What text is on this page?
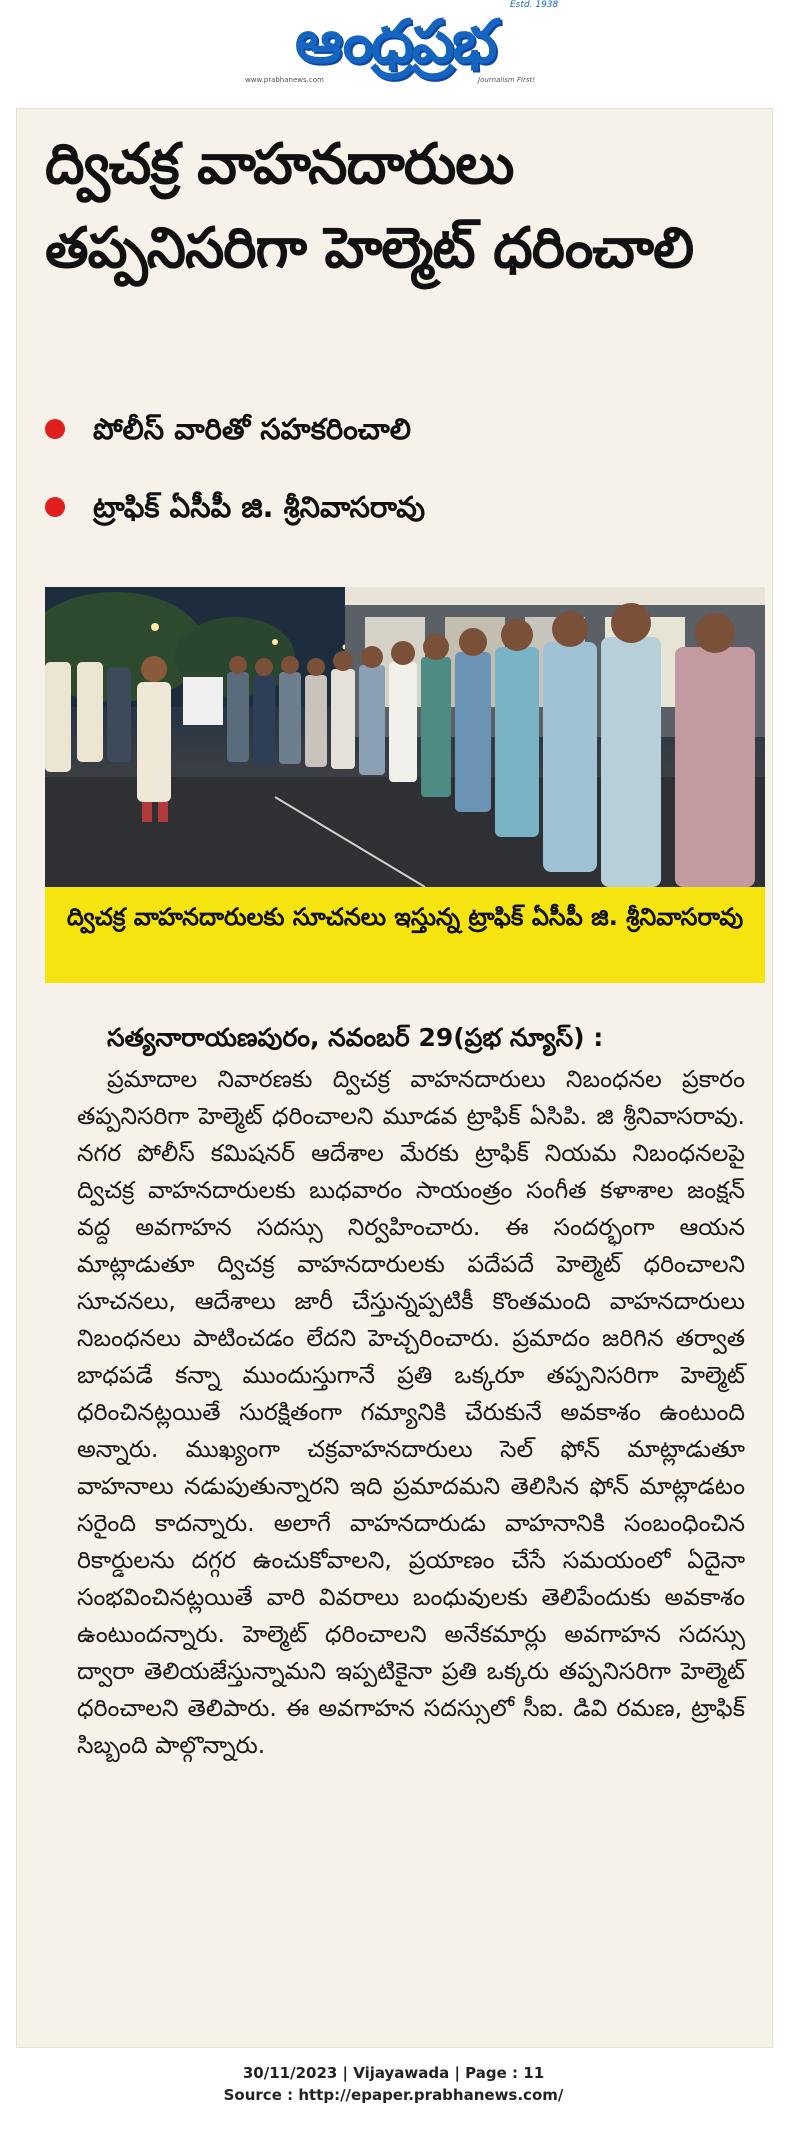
ఆంధ్రప్రభ
Estd. 1938
www.prabhanews.com	Journalism First!
ద్విచక్ర వాహనదారులు తప్పనిసరిగా హెల్మెట్ ధరించాలి
పోలీస్ వారితో సహకరించాలి
ట్రాఫిక్ ఏసీపీ జి. శ్రీనివాసరావు
ద్విచక్ర వాహనదారులకు సూచనలు ఇస్తున్న ట్రాఫిక్ ఏసీపీ జి. శ్రీనివాసరావు
సత్యనారాయణపురం, నవంబర్ 29(ప్రభ న్యూస్) :

ప్రమాదాల నివారణకు ద్విచక్ర వాహనదారులు నిబంధనల ప్రకారం తప్పనిసరిగా హెల్మెట్ ధరించాలని మూడవ ట్రాఫిక్ ఏసిపి. జి శ్రీనివాసరావు. నగర పోలీస్ కమిషనర్ ఆదేశాల మేరకు ట్రాఫిక్ నియమ నిబంధనలపై ద్విచక్ర వాహనదారులకు బుధవారం సాయంత్రం సంగీత కళాశాల జంక్షన్ వద్ద అవగాహన సదస్సు నిర్వహించారు. ఈ సందర్భంగా ఆయన మాట్లాడుతూ ద్విచక్ర వాహనదారులకు పదేపదే హెల్మెట్ ధరించాలని సూచనలు, ఆదేశాలు జారీ చేస్తున్నప్పటికీ కొంతమంది వాహనదారులు నిబంధనలు పాటించడం లేదని హెచ్చరించారు. ప్రమాదం జరిగిన తర్వాత బాధపడే కన్నా ముందుస్తుగానే ప్రతి ఒక్కరూ తప్పనిసరిగా హెల్మెట్ ధరించినట్లయితే సురక్షితంగా గమ్యానికి చేరుకునే అవకాశం ఉంటుంది అన్నారు. ముఖ్యంగా చక్రవాహనదారులు సెల్ ఫోన్ మాట్లాడుతూ వాహనాలు నడుపుతున్నారని ఇది ప్రమాదమని తెలిసిన ఫోన్ మాట్లాడటం సరైంది కాదన్నారు. అలాగే వాహనదారుడు వాహనానికి సంబంధించిన రికార్డులను దగ్గర ఉంచుకోవాలని, ప్రయాణం చేసే సమయంలో ఏదైనా సంభవించినట్లయితే వారి వివరాలు బంధువులకు తెలిపేందుకు అవకాశం ఉంటుందన్నారు. హెల్మెట్ ధరించాలని అనేకమార్లు అవగాహన సదస్సు ద్వారా తెలియజేస్తున్నామని ఇప్పటికైనా ప్రతి ఒక్కరు తప్పనిసరిగా హెల్మెట్ ధరించాలని తెలిపారు. ఈ అవగాహన సదస్సులో సీఐ. డివి రమణ, ట్రాఫిక్ సిబ్బంది పాల్గొన్నారు.

30/11/2023 | Vijayawada | Page : 11
Source : http://epaper.prabhanews.com/
